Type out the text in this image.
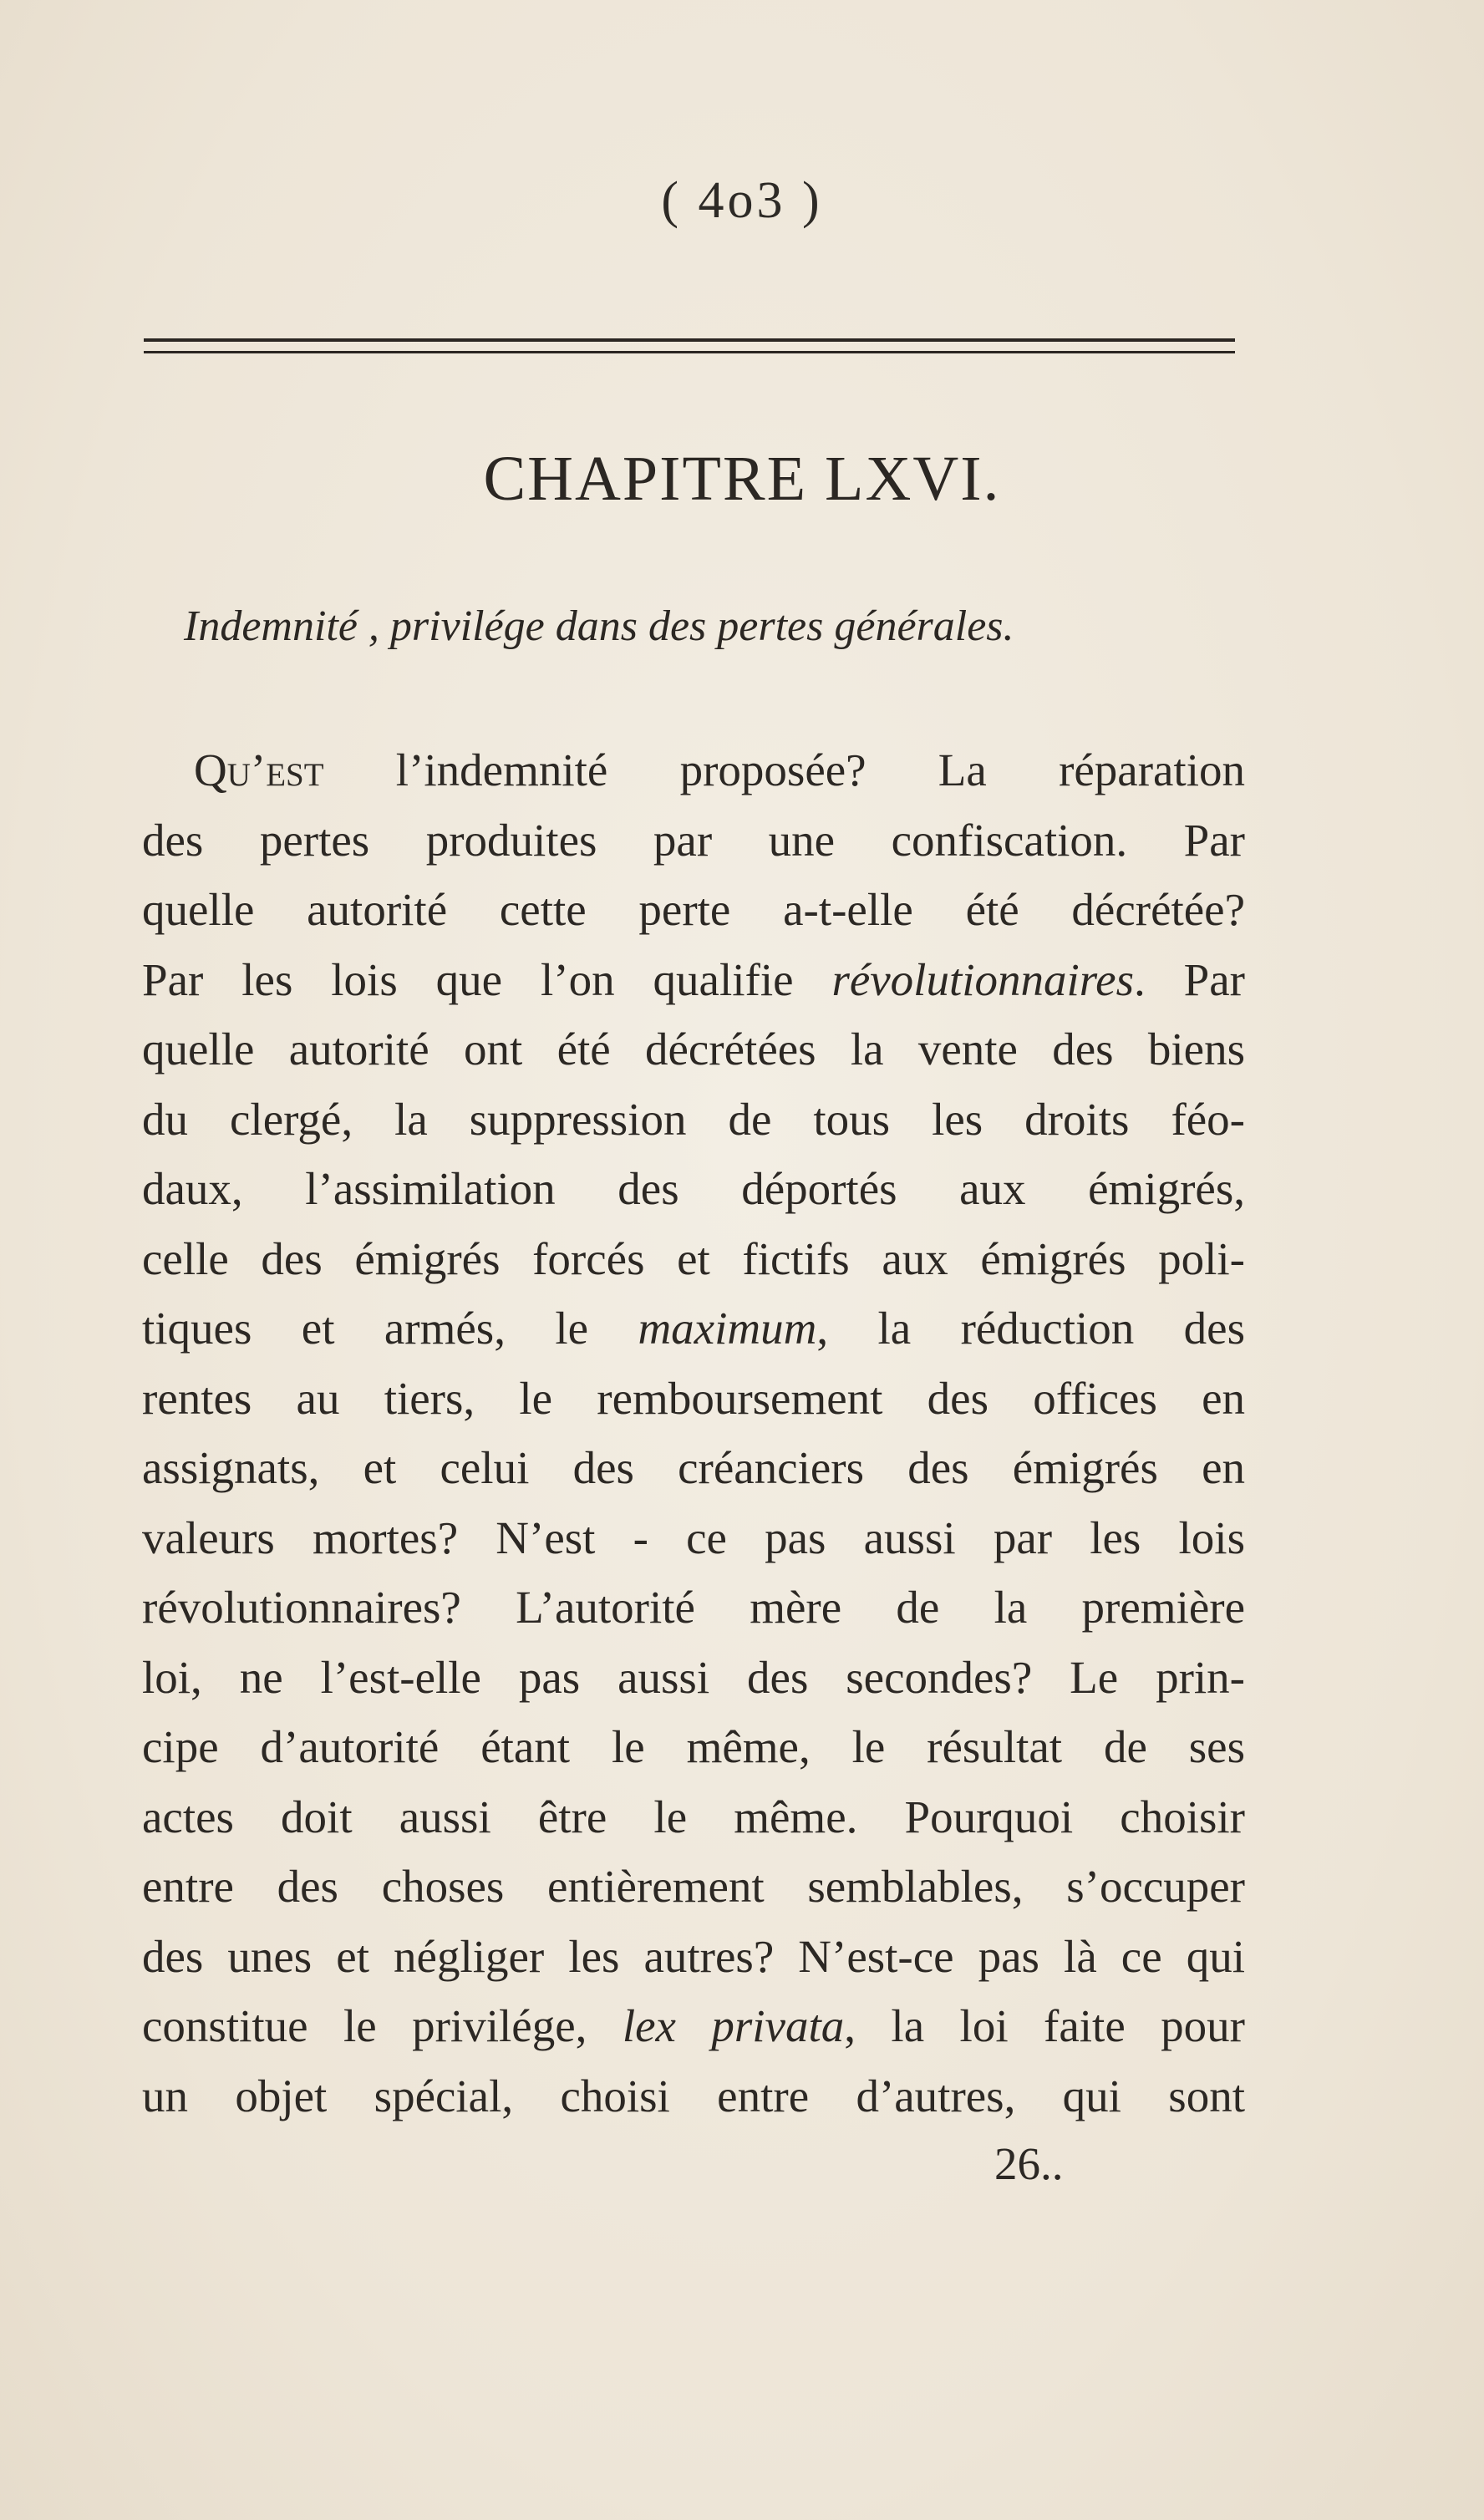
( 4o3 )
CHAPITRE LXVI.
Indemnité , privilége dans des pertes générales.
Qu’est l’indemnité proposée? La réparation
des pertes produites par une confiscation. Par
quelle autorité cette perte a-t-elle été décrétée?
Par les lois que l’on qualifie révolutionnaires. Par
quelle autorité ont été décrétées la vente des biens
du clergé, la suppression de tous les droits féo-
daux, l’assimilation des déportés aux émigrés,
celle des émigrés forcés et fictifs aux émigrés poli-
tiques et armés, le maximum, la réduction des
rentes au tiers, le remboursement des offices en
assignats, et celui des créanciers des émigrés en
valeurs mortes? N’est - ce pas aussi par les lois
révolutionnaires? L’autorité mère de la première
loi, ne l’est-elle pas aussi des secondes? Le prin-
cipe d’autorité étant le même, le résultat de ses
actes doit aussi être le même. Pourquoi choisir
entre des choses entièrement semblables, s’occuper
des unes et négliger les autres? N’est-ce pas là ce qui
constitue le privilége, lex privata, la loi faite pour
un objet spécial, choisi entre d’autres, qui sont
26..
